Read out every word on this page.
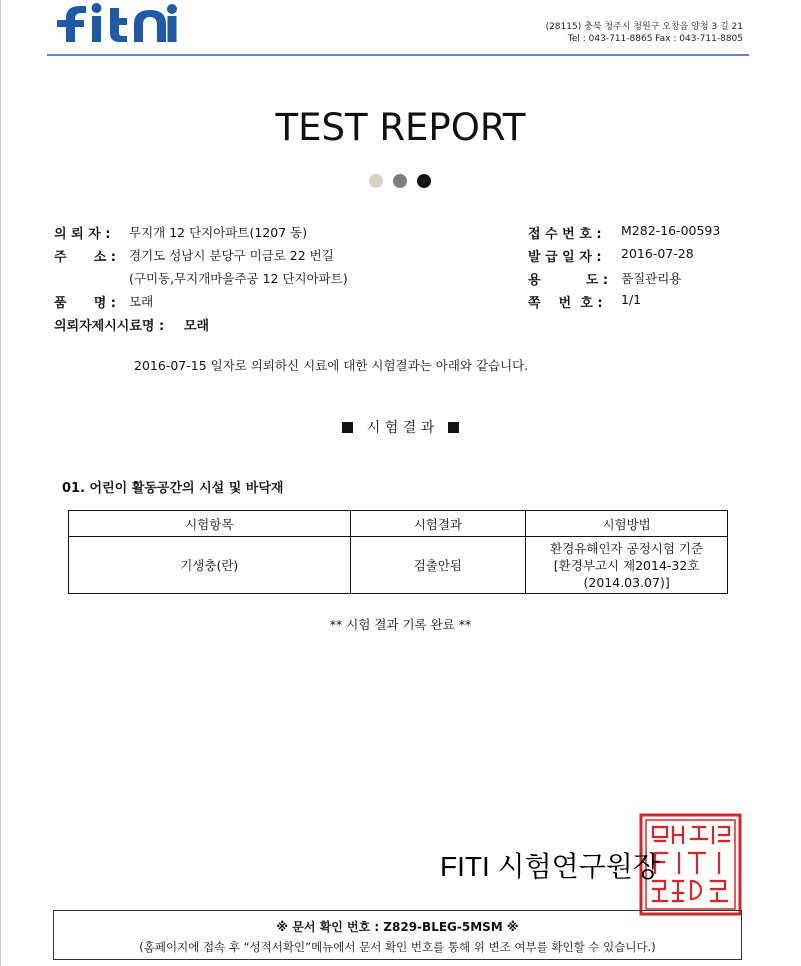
(28115) 충북 청주시 청원구 오창읍 양청 3 길 21
Tel : 043-711-8865 Fax : 043-711-8805
TEST REPORT
의 뢰 자 : 무지개 12 단지아파트(1207 동)
주      소 : 경기도 성남시 분당구 미금로 22 번길
(구미동,무지개마을주공 12 단지아파트)
품      명 : 모래
의뢰자제시시료명 : 모래
접 수 번 호 : M282-16-00593
발 급 일 자 : 2016-07-28
용          도 : 품질관리용
쪽    번  호 : 1/1
2016-07-15 일자로 의뢰하신 시료에 대한 시험결과는 아래와 같습니다.
시 험 결 과
01. 어린이 활동공간의 시설 및 바닥재
시험항목	시험결과	시험방법
기생충(란)	검출안됨	환경유해인자 공정시험 기준
[환경부고시 제2014-32호
(2014.03.07)]
** 시험 결과 기록 완료 **
FITI 시험연구원장
※ 문서 확인 번호 : Z829-BLEG-5MSM ※
(홈페이지에 접속 후 “성적서확인”메뉴에서 문서 확인 번호를 통해 위 변조 여부를 확인할 수 있습니다.)
